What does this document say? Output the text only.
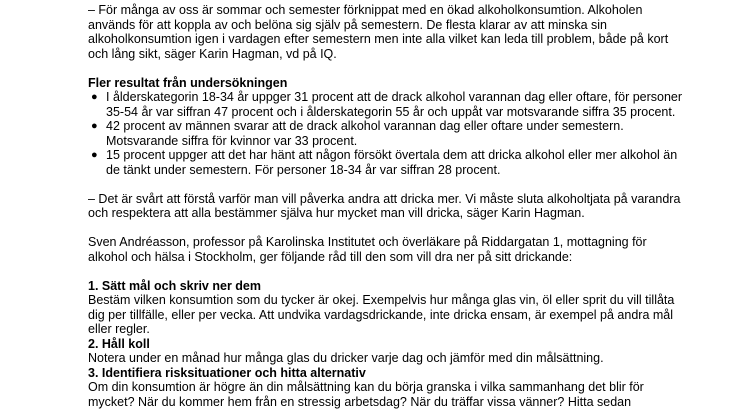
– För många av oss är sommar och semester förknippat med en ökad alkoholkonsumtion. Alkoholen används för att koppla av och belöna sig själv på semestern. De flesta klarar av att minska sin alkoholkonsumtion igen i vardagen efter semestern men inte alla vilket kan leda till problem, både på kort och lång sikt, säger Karin Hagman, vd på IQ.

Fler resultat från undersökningen

● I ålderskategorin 18-34 år uppger 31 procent att de drack alkohol varannan dag eller oftare, för personer 35-54 år var siffran 47 procent och i ålderskategorin 55 år och uppåt var motsvarande siffra 35 procent.
● 42 procent av männen svarar att de drack alkohol varannan dag eller oftare under semestern. Motsvarande siffra för kvinnor var 33 procent.
● 15 procent uppger att det har hänt att någon försökt övertala dem att dricka alkohol eller mer alkohol än de tänkt under semestern. För personer 18-34 år var siffran 28 procent.

– Det är svårt att förstå varför man vill påverka andra att dricka mer. Vi måste sluta alkoholtjata på varandra och respektera att alla bestämmer själva hur mycket man vill dricka, säger Karin Hagman.

Sven Andréasson, professor på Karolinska Institutet och överläkare på Riddargatan 1, mottagning för alkohol och hälsa i Stockholm, ger följande råd till den som vill dra ner på sitt drickande:

1. Sätt mål och skriv ner dem

Bestäm vilken konsumtion som du tycker är okej. Exempelvis hur många glas vin, öl eller sprit du vill tillåta dig per tillfälle, eller per vecka. Att undvika vardagsdrickande, inte dricka ensam, är exempel på andra mål eller regler.

2. Håll koll

Notera under en månad hur många glas du dricker varje dag och jämför med din målsättning.

3. Identifiera risksituationer och hitta alternativ

Om din konsumtion är högre än din målsättning kan du börja granska i vilka sammanhang det blir för mycket? När du kommer hem från en stressig arbetsdag? När du träffar vissa vänner? Hitta sedan
